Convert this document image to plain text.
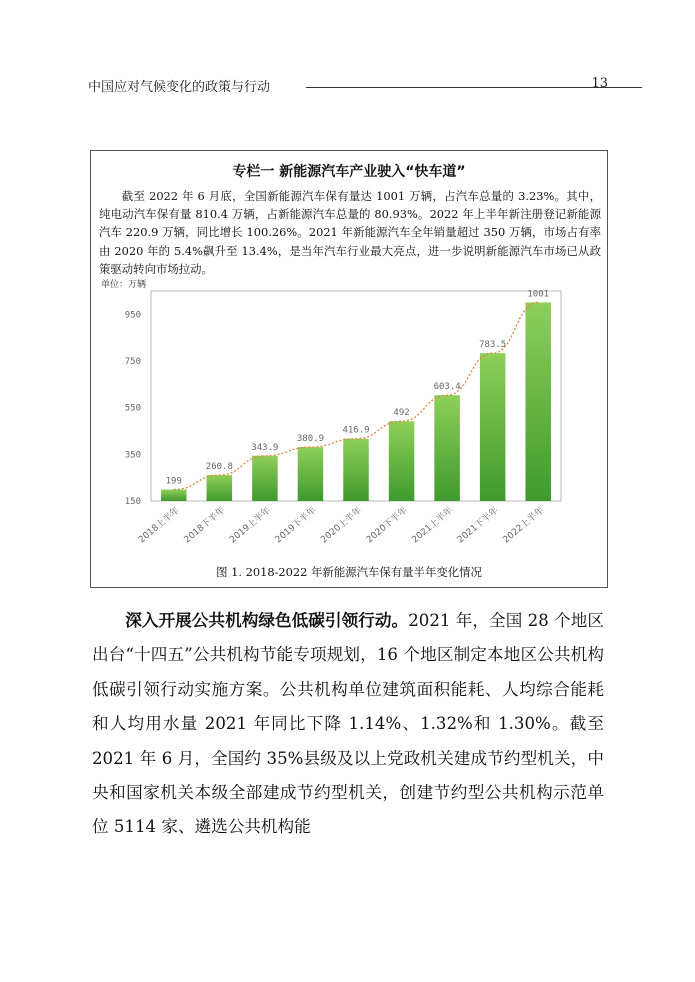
中国应对气候变化的政策与行动	13
专栏一 新能源汽车产业驶入“快车道”
截至 2022 年 6 月底，全国新能源汽车保有量达 1001 万辆，占汽车总量的 3.23%。其中，纯电动汽车保有量 810.4 万辆，占新能源汽车总量的 80.93%。2022 年上半年新注册登记新能源汽车 220.9 万辆，同比增长 100.26%。2021 年新能源汽车全年销量超过 350 万辆，市场占有率由 2020 年的 5.4%飙升至 13.4%，是当年汽车行业最大亮点，进一步说明新能源汽车市场已从政策驱动转向市场拉动。
单位：万辆
150
350
550
750
950
199
2018上半年
260.8
2018下半年
343.9
2019上半年
380.9
2019下半年
416.9
2020上半年
492
2020下半年
603.4
2021上半年
783.5
2021下半年
1001
2022上半年
图 1. 2018-2022 年新能源汽车保有量半年变化情况
深入开展公共机构绿色低碳引领行动。2021 年，全国 28 个地区出台“十四五”公共机构节能专项规划，16 个地区制定本地区公共机构低碳引领行动实施方案。公共机构单位建筑面积能耗、人均综合能耗和人均用水量 2021 年同比下降 1.14%、1.32%和 1.30%。截至 2021 年 6 月，全国约 35%县级及以上党政机关建成节约型机关，中央和国家机关本级全部建成节约型机关，创建节约型公共机构示范单位 5114 家、遴选公共机构能
